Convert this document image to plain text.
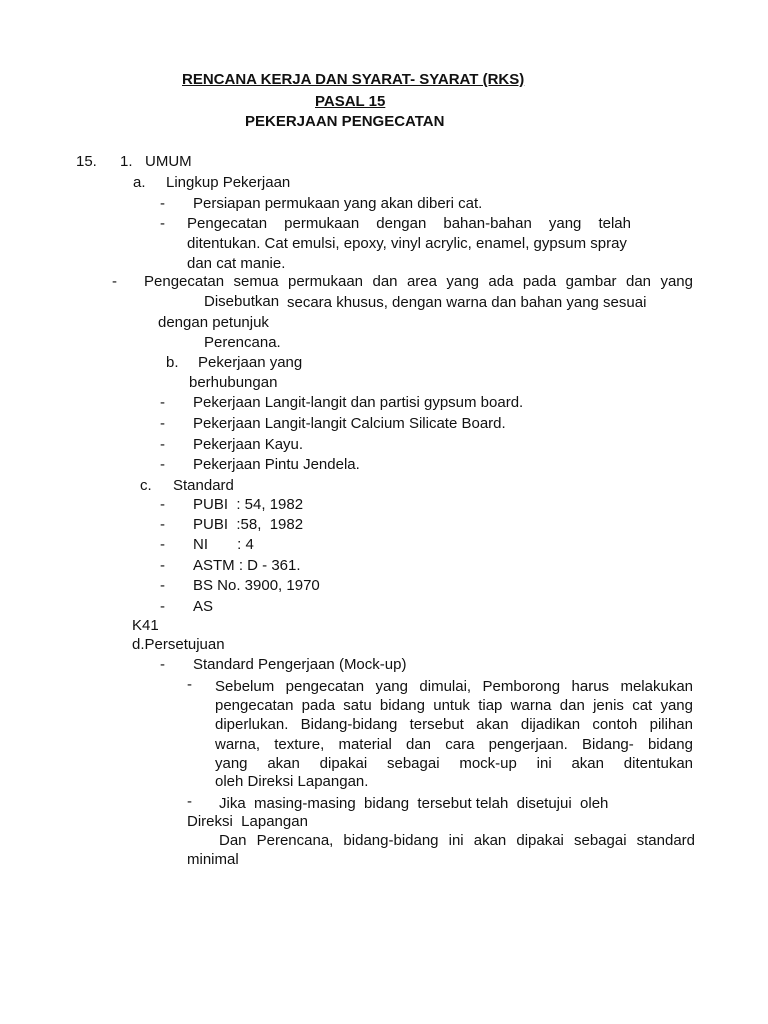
RENCANA KERJA DAN SYARAT- SYARAT (RKS)
PASAL 15
PEKERJAAN PENGECATAN
15. 1. UMUM
a. Lingkup Pekerjaan
- Persiapan permukaan yang akan diberi cat.
- Pengecatan permukaan dengan bahan-bahan yang telah
ditentukan. Cat emulsi, epoxy, vinyl acrylic, enamel, gypsum spray
dan cat manie.
- Pengecatan semua permukaan dan area yang ada pada gambar dan yang
Disebutkan secara khusus, dengan warna dan bahan yang sesuai
dengan petunjuk
Perencana.
b. Pekerjaan yang
berhubungan
- Pekerjaan Langit-langit dan partisi gypsum board.
- Pekerjaan Langit-langit Calcium Silicate Board.
- Pekerjaan Kayu.
- Pekerjaan Pintu Jendela.
c. Standard
- PUBI  : 54, 1982
- PUBI  :58,  1982
- NI       : 4
- ASTM : D - 361.
- BS No. 3900, 1970
- AS
K41
d.Persetujuan
- Standard Pengerjaan (Mock-up)
- Sebelum pengecatan yang dimulai, Pemborong harus melakukan
pengecatan pada satu bidang untuk tiap warna dan jenis cat yang
diperlukan. Bidang-bidang tersebut akan dijadikan contoh pilihan
warna, texture, material dan cara pengerjaan. Bidang- bidang
yang akan dipakai sebagai mock-up ini akan ditentukan
oleh Direksi Lapangan.
- Jika  masing-masing  bidang  tersebut telah  disetujui  oleh
Direksi  Lapangan
Dan Perencana, bidang-bidang ini akan dipakai sebagai standard
minimal
